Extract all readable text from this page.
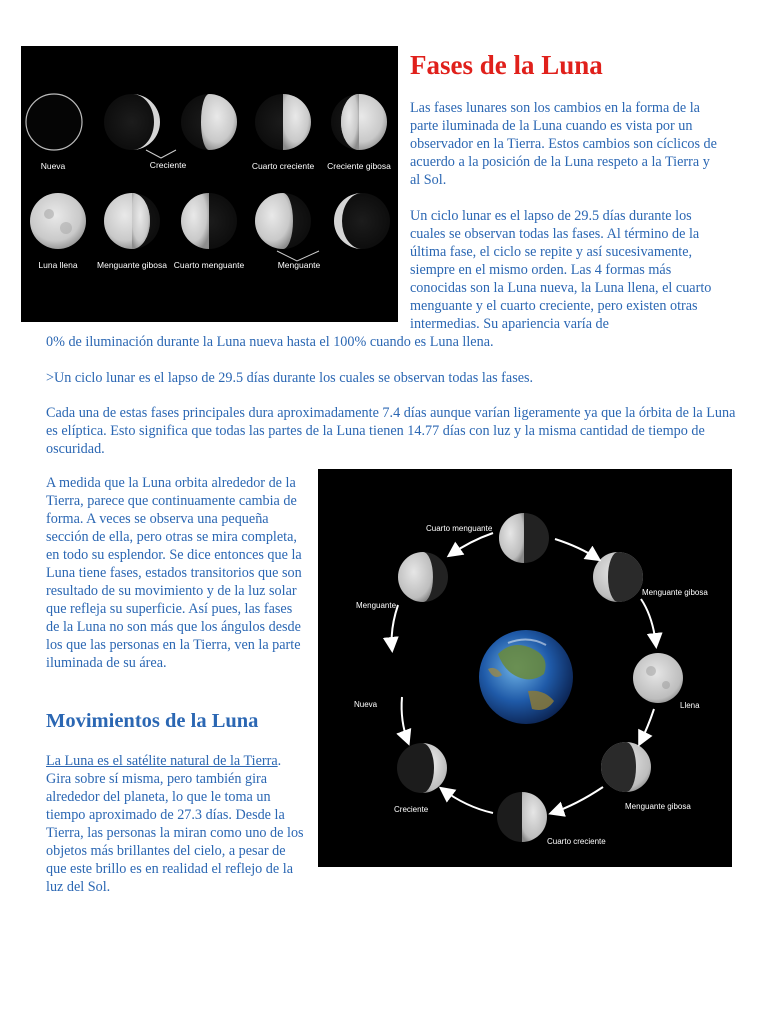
Nueva	Creciente	Cuarto creciente Creciente gibosa
Luna llena Menguante gibosa Cuarto menguante	Menguante
Fases de la Luna

Las fases lunares son los cambios en la forma de la parte iluminada de la Luna cuando es vista por un observador en la Tierra. Estos cambios son cíclicos de acuerdo a la posición de la Luna respeto a la Tierra y al Sol.

Un ciclo lunar es el lapso de 29.5 días durante los cuales se observan todas las fases. Al término de la última fase, el ciclo se repite y así sucesivamente, siempre en el mismo orden. Las 4 formas más conocidas son la Luna nueva, la Luna llena, el cuarto menguante y el cuarto creciente, pero existen otras intermedias. Su apariencia varía de

0% de iluminación durante la Luna nueva hasta el 100% cuando es Luna llena.

>Un ciclo lunar es el lapso de 29.5 días durante los cuales se observan todas las fases.

Cada una de estas fases principales dura aproximadamente 7.4 días aunque varían ligeramente ya que la órbita de la Luna es elíptica. Esto significa que todas las partes de la Luna tienen 14.77 días con luz y la misma cantidad de tiempo de oscuridad.

A medida que la Luna orbita alrededor de la Tierra, parece que continuamente cambia de forma. A veces se observa una pequeña sección de ella, pero otras se mira completa, en todo su esplendor. Se dice entonces que la Luna tiene fases, estados transitorios que son resultado de su movimiento y de la luz solar que refleja su superficie. Así pues, las fases de la Luna no son más que los ángulos desde los que las personas en la Tierra, ven la parte iluminada de su área.

Movimientos de la Luna

La Luna es el satélite natural de la Tierra. Gira sobre sí misma, pero también gira alrededor del planeta, lo que le toma un tiempo aproximado de 27.3 días. Desde la Tierra, las personas la miran como uno de los objetos más brillantes del cielo, a pesar de que este brillo es en realidad el reflejo de la luz del Sol.

Cuarto menguante
Menguante gibosa
Menguante
Llena
Nueva
Creciente	Menguante gibosa
Cuarto creciente
